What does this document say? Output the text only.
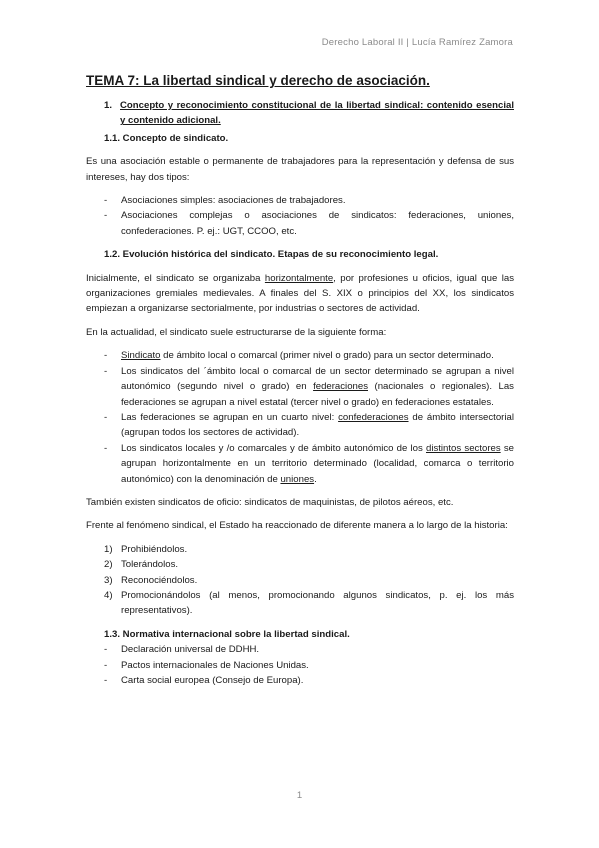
Derecho Laboral II | Lucía Ramírez Zamora
TEMA 7: La libertad sindical y derecho de asociación.
1. Concepto y reconocimiento constitucional de la libertad sindical: contenido esencial y contenido adicional.
1.1. Concepto de sindicato.

Es una asociación estable o permanente de trabajadores para la representación y defensa de sus intereses, hay dos tipos:

-	Asociaciones simples: asociaciones de trabajadores.
-	Asociaciones complejas o asociaciones de sindicatos: federaciones, uniones, confederaciones. P. ej.: UGT, CCOO, etc.
1.2. Evolución histórica del sindicato. Etapas de su reconocimiento legal.

Inicialmente, el sindicato se organizaba horizontalmente, por profesiones u oficios, igual que las organizaciones gremiales medievales. A finales del S. XIX o principios del XX, los sindicatos empiezan a organizarse sectorialmente, por industrias o sectores de actividad.

En la actualidad, el sindicato suele estructurarse de la siguiente forma:

-	Sindicato de ámbito local o comarcal (primer nivel o grado) para un sector determinado.
-	Los sindicatos del ´ámbito local o comarcal de un sector determinado se agrupan a nivel autonómico (segundo nivel o grado) en federaciones (nacionales o regionales). Las federaciones se agrupan a nivel estatal (tercer nivel o grado) en federaciones estatales.
-	Las federaciones se agrupan en un cuarto nivel: confederaciones de ámbito intersectorial (agrupan todos los sectores de actividad).
-	Los sindicatos locales y /o comarcales y de ámbito autonómico de los distintos sectores se agrupan horizontalmente en un territorio determinado (localidad, comarca o territorio autonómico) con la denominación de uniones.

También existen sindicatos de oficio: sindicatos de maquinistas, de pilotos aéreos, etc.

Frente al fenómeno sindical, el Estado ha reaccionado de diferente manera a lo largo de la historia:

1) Prohibiéndolos.
2) Tolerándolos.
3) Reconociéndolos.
4) Promocionándolos (al menos, promocionando algunos sindicatos, p. ej. los más representativos).
1.3. Normativa internacional sobre la libertad sindical.
-	Declaración universal de DDHH.
-	Pactos internacionales de Naciones Unidas.
-	Carta social europea (Consejo de Europa).
1
